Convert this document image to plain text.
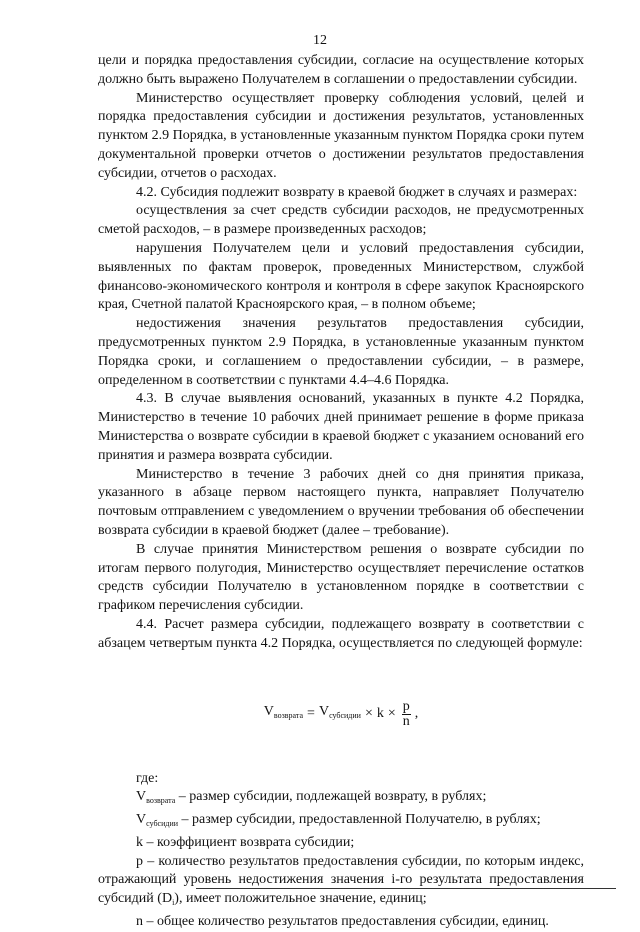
12

цели и порядка предоставления субсидии, согласие на осуществление которых должно быть выражено Получателем в соглашении о предоставлении субсидии.

Министерство осуществляет проверку соблюдения условий, целей и порядка предоставления субсидии и достижения результатов, установленных пунктом 2.9 Порядка, в установленные указанным пунктом Порядка сроки путем документальной проверки отчетов о достижении результатов предоставления субсидии, отчетов о расходах.

4.2. Субсидия подлежит возврату в краевой бюджет в случаях и размерах:

осуществления за счет средств субсидии расходов, не предусмотренных сметой расходов, – в размере произведенных расходов;

нарушения Получателем цели и условий предоставления субсидии, выявленных по фактам проверок, проведенных Министерством, службой финансово-экономического контроля и контроля в сфере закупок Красноярского края, Счетной палатой Красноярского края, – в полном объеме;

недостижения значения результатов предоставления субсидии, предусмотренных пунктом 2.9 Порядка, в установленные указанным пунктом Порядка сроки, и соглашением о предоставлении субсидии, – в размере, определенном в соответствии с пунктами 4.4–4.6 Порядка.

4.3. В случае выявления оснований, указанных в пункте 4.2 Порядка, Министерство в течение 10 рабочих дней принимает решение в форме приказа Министерства о возврате субсидии в краевой бюджет с указанием оснований его принятия и размера возврата субсидии.

Министерство в течение 3 рабочих дней со дня принятия приказа, указанного в абзаце первом настоящего пункта, направляет Получателю почтовым отправлением с уведомлением о вручении требования об обеспечении возврата субсидии в краевой бюджет (далее – требование).

В случае принятия Министерством решения о возврате субсидии по итогам первого полугодия, Министерство осуществляет перечисление остатков средств субсидии Получателю в установленном порядке в соответствии с графиком перечисления субсидии.

4.4. Расчет размера субсидии, подлежащего возврату в соответствии с абзацем четвертым пункта 4.2 Порядка, осуществляется по следующей формуле:

$V_{возврата} = V_{субсидии} \times k \times \frac{p}{n}$ ,

где:

$V_{возврата}$ – размер субсидии, подлежащей возврату, в рублях;

$V_{субсидии}$ – размер субсидии, предоставленной Получателю, в рублях;

k – коэффициент возврата субсидии;

p – количество результатов предоставления субсидии, по которым индекс, отражающий уровень недостижения значения i-го результата предоставления субсидий $(D_i)$, имеет положительное значение, единиц;

n – общее количество результатов предоставления субсидии, единиц.
